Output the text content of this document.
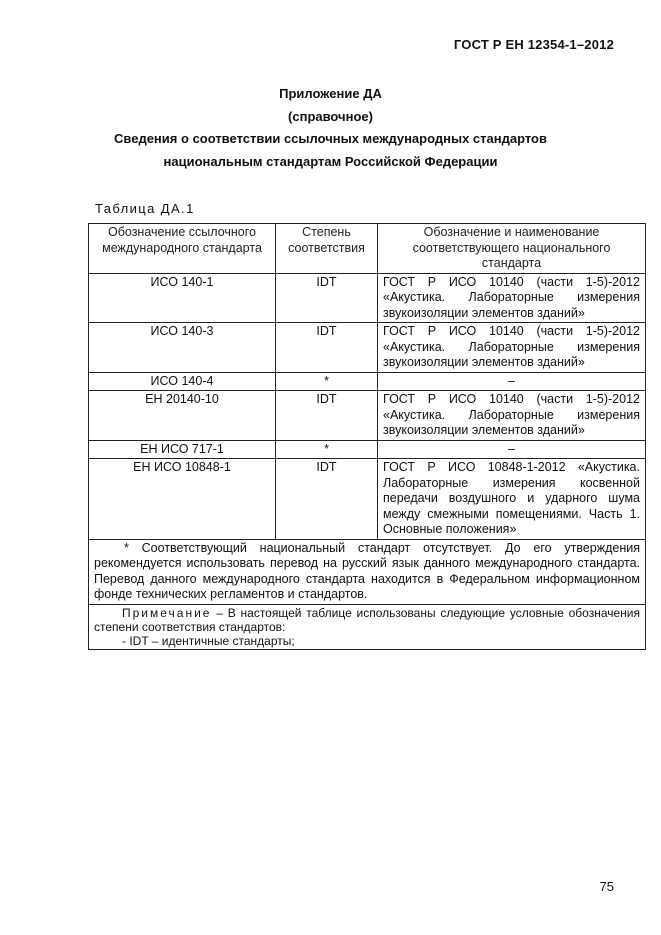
ГОСТ Р ЕН 12354-1–2012
Приложение ДА
(справочное)
Сведения о соответствии ссылочных международных стандартов
национальным стандартам Российской Федерации
Таблица ДА.1
Обозначение ссылочного международного стандарта	Степень соответствия	Обозначение и наименование соответствующего национального стандарта
ИСО 140-1	IDT	ГОСТ Р ИСО 10140 (части 1-5)-2012 «Акустика. Лабораторные измерения звукоизоляции элементов зданий»
ИСО 140-3	IDT	ГОСТ Р ИСО 10140 (части 1-5)-2012 «Акустика. Лабораторные измерения звукоизоляции элементов зданий»
ИСО 140-4	*	–
ЕН 20140-10	IDT	ГОСТ Р ИСО 10140 (части 1-5)-2012 «Акустика. Лабораторные измерения звукоизоляции элементов зданий»
ЕН ИСО 717-1	*	–
ЕН ИСО 10848-1	IDT	ГОСТ Р ИСО 10848-1-2012 «Акустика. Лабораторные измерения косвенной передачи воздушного и ударного шума между смежными помещениями. Часть 1. Основные положения»
* Соответствующий национальный стандарт отсутствует. До его утверждения рекомендуется использовать перевод на русский язык данного международного стандарта. Перевод данного международного стандарта находится в Федеральном информационном фонде технических регламентов и стандартов.		

Примечание – В настоящей таблице использованы следующие условные обозначения степени соответствия стандартов:
- IDT – идентичные стандарты;		
75
